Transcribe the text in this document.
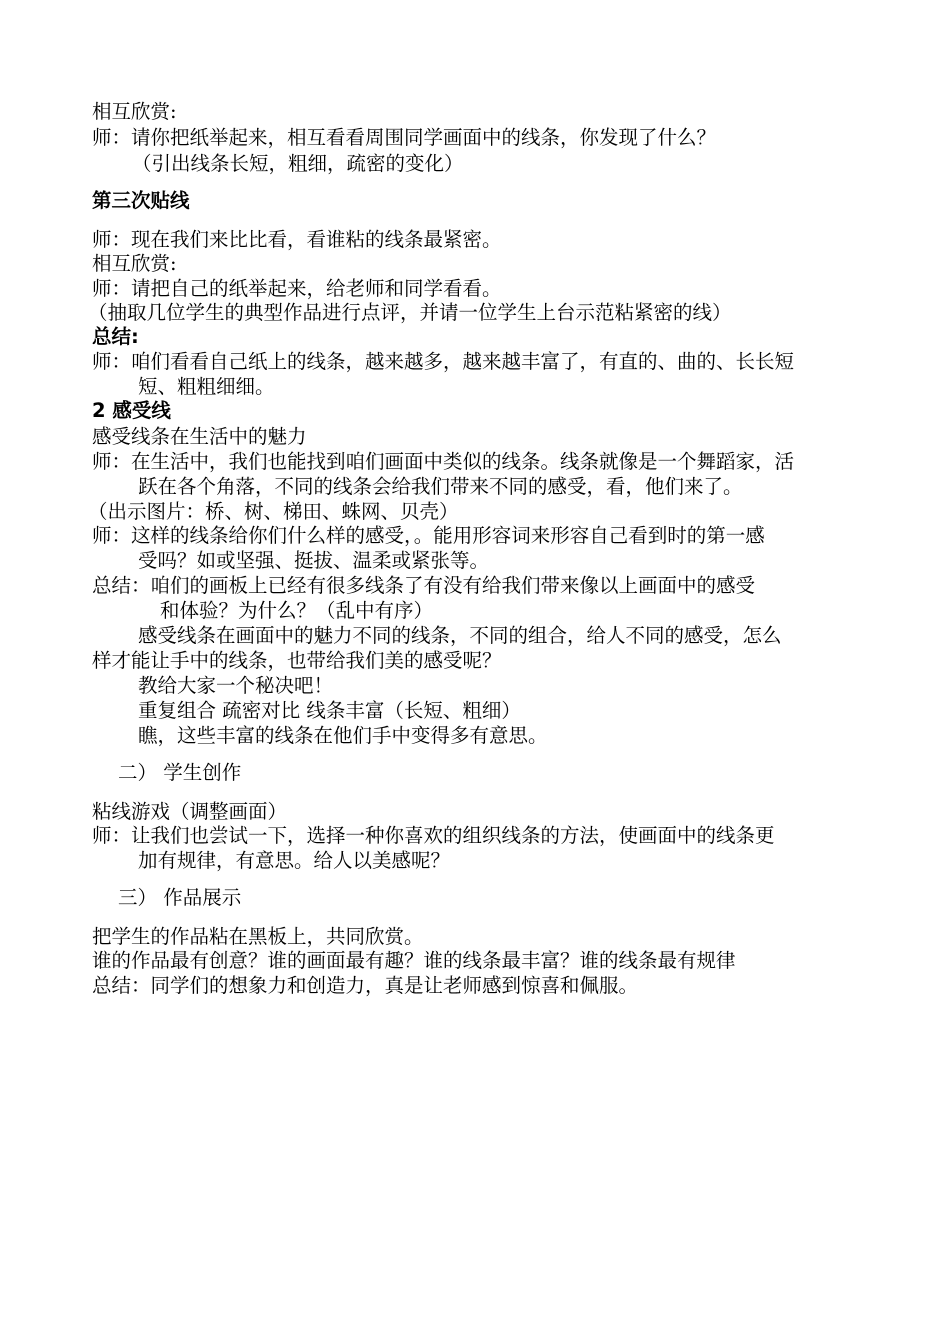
相互欣赏:
师：请你把纸举起来，相互看看周围同学画面中的线条，你发现了什么？
（引出线条长短，粗细，疏密的变化）
第三次贴线
师：现在我们来比比看，看谁粘的线条最紧密。
相互欣赏:
师：请把自己的纸举起来，给老师和同学看看。
（抽取几位学生的典型作品进行点评，并请一位学生上台示范粘紧密的线）
总结:
师：咱们看看自己纸上的线条，越来越多，越来越丰富了，有直的、曲的、长长短
短、粗粗细细。
2 感受线
感受线条在生活中的魅力
师：在生活中，我们也能找到咱们画面中类似的线条。线条就像是一个舞蹈家，活
跃在各个角落，不同的线条会给我们带来不同的感受，看，他们来了。
（出示图片：桥、树、梯田、蛛网、贝壳）
师：这样的线条给你们什么样的感受，。能用形容词来形容自己看到时的第一感
受吗？如或坚强、挺拔、温柔或紧张等。
总结：咱们的画板上已经有很多线条了有没有给我们带来像以上画面中的感受
和体验？为什么？（乱中有序）
感受线条在画面中的魅力不同的线条，不同的组合，给人不同的感受，怎么
样才能让手中的线条，也带给我们美的感受呢？
教给大家一个秘决吧！
重复组合 疏密对比 线条丰富（长短、粗细）
瞧，这些丰富的线条在他们手中变得多有意思。
二） 学生创作
粘线游戏（调整画面）
师：让我们也尝试一下，选择一种你喜欢的组织线条的方法，使画面中的线条更
加有规律，有意思。给人以美感呢？
三） 作品展示
把学生的作品粘在黑板上，共同欣赏。
谁的作品最有创意？谁的画面最有趣？谁的线条最丰富？谁的线条最有规律
总结：同学们的想象力和创造力，真是让老师感到惊喜和佩服。
